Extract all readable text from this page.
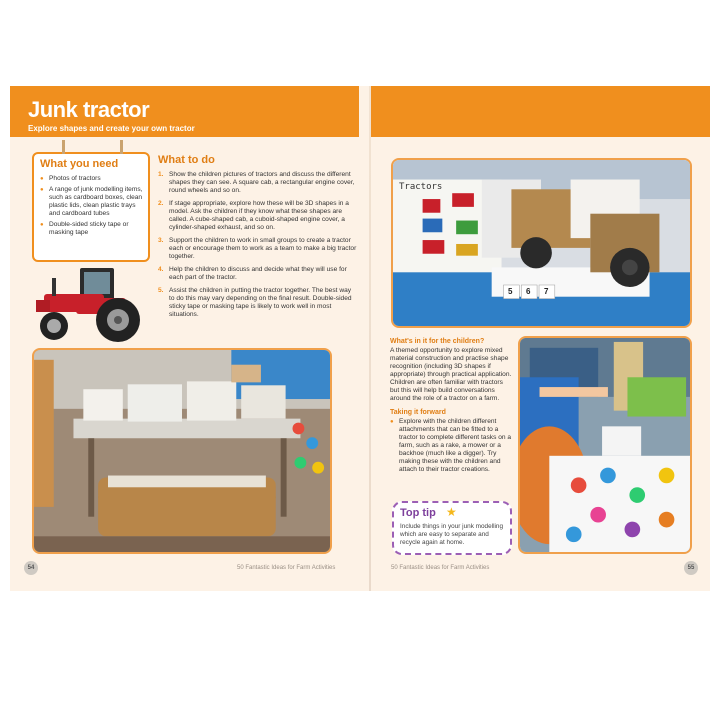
Junk tractor
Explore shapes and create your own tractor
What you need
● Photos of tractors
● A range of junk modelling items, such as cardboard boxes, clean plastic lids, clean plastic trays and cardboard tubes
● Double-sided sticky tape or masking tape
What to do
1. Show the children pictures of tractors and discuss the different shapes they can see. A square cab, a rectangular engine cover, round wheels and so on.
2. If stage appropriate, explore how these will be 3D shapes in a model. Ask the children if they know what these shapes are called. A cube-shaped cab, a cuboid-shaped engine cover, a cylinder-shaped exhaust, and so on.
3. Support the children to work in small groups to create a tractor each or encourage them to work as a team to make a big tractor together.
4. Help the children to discuss and decide what they will use for each part of the tractor.
5. Assist the children in putting the tractor together. The best way to do this may vary depending on the final result. Double-sided sticky tape or masking tape is likely to work well in most situations.
54	50 Fantastic Ideas for Farm Activities
Tractors
5 6 7
What's in it for the children?

A themed opportunity to explore mixed material construction and practise shape recognition (including 3D shapes if appropriate) through practical application. Children are often familiar with tractors but this will help build conversations around the role of a tractor on a farm.

Taking it forward
● Explore with the children different attachments that can be fitted to a tractor to complete different tasks on a farm, such as a rake, a mower or a backhoe (much like a digger). Try making these with the children and attach to their tractor creations.
Top tip ★

Include things in your junk modelling which are easy to separate and recycle again at home.

50 Fantastic Ideas for Farm Activities	55
